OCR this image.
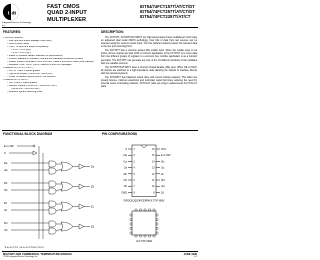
i dt
Integrated Device Technology, Inc.
FAST CMOS
QUAD 2-INPUT
MULTIPLEXER
IDT54/74FCT157T/AT/CT/DT
IDT54/74FCT257T/AT/CT/DT
IDT54/74FCT2257T/AT/CT
FEATURES:	DESCRIPTION:
• Common features:
– Low input and output leakage ≤1μA (max.)
– CMOS power levels
– True TTL input and output compatibility
– VOH = 3.3V (typ.)
– VOL = 0.3V (typ.)
– Meets or exceeds JEDEC standard 18 specifications
– Product available in Radiation Tolerant and Radiation Enhanced versions
– Military product compliant to MIL-STD-883, Class B and DESC listed (dual marked)
– Available in DIP, SOIC, QSOP, CERPACK and LCC packages
• Features for FCT157T/257T:
– Std., A, C and D speed grades
– High drive outputs (-15mA IOH, 64mA IOL)
– Power off disable outputs permit 'live insertion'
• Features for FCT2257T:
– Std., A and C speed grades
– Resistor outputs (-15mA IOH, 12mA IOL Com.)
(-12mA IOH, 12mA IOL Mil.)
– Reduced system switching noise

The FCT157T, FCT257T/FCT2257T are high-speed quad 2-input multiplexers built using an advanced dual metal CMOS technology. Four bits of data from two sources can be selected using the common select input. The four buffered outputs present the selected data in the true (non-inverting) form.

The FCT157T has a common active-LOW enable input. When the enable input is not active, all four outputs are held LOW. A common application of the FCT157T is to move data from two different groups of registers to a common bus. Another application is as a function generator. The FCT157T can generate any four of the 16 different functions of two variables with one variable common.

The FCT257T/FCT2257T have a common Output Enable (OE) input. When OE is HIGH, all outputs are switched to a high-impedance state allowing the outputs to interface directly with bus-oriented systems.

The FCT2257T has balanced output drive with current limiting resistors. This offers low ground bounce, minimal undershoot and controlled output fall times reducing the need for external series terminating resistors. FCT2xxxT parts are plug-in replacements for FCTxxxT parts.

FUNCTIONAL BLOCK DIAGRAM	PIN CONFIGURATIONS
E or OE*
S
I0a
I1a
Za
I0b
I1b
Zb
I0c
I1c
Zc
I0d
I1d
Zd
*E for FCT157, OE for FCT257/FCT2257.
S	1
I0a	2
I1a	3
Za	4
I0b	5
I1b	6
Zb	7
GND	8
VCC
16
E or OE*
15
I0c
14
I1c
13
Zc
12
I0d
11
I1d
10
Zd
9
DIP/SOIC/QSOP/CERPACK TOP VIEW
LCC TOP VIEW
MILITARY AND COMMERCIAL TEMPERATURE RANGES	JUNE 1996
©1996 Integrated Device Technology, Inc.	6.1
